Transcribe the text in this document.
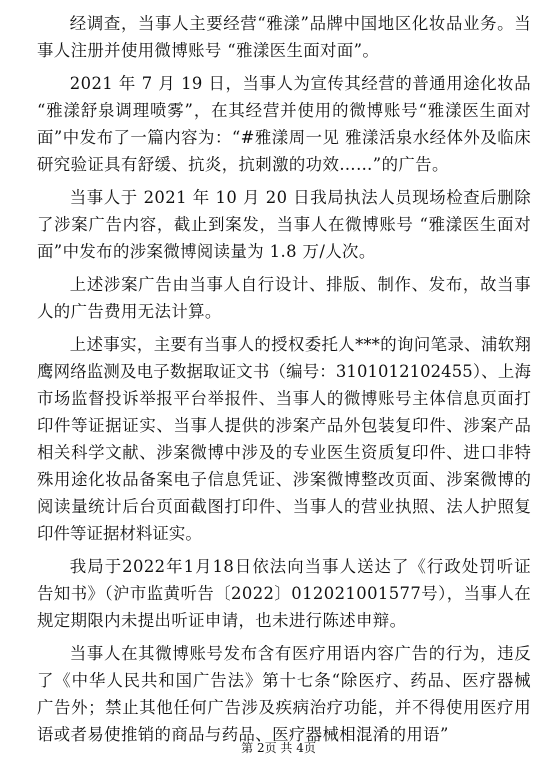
经调查，当事人主要经营“雅漾”品牌中国地区化妆品业务。当事人注册并使用微博账号 “雅漾医生面对面”。

2021 年 7 月 19 日，当事人为宣传其经营的普通用途化妆品 “雅漾舒泉调理喷雾”，在其经营并使用的微博账号“雅漾医生面对面”中发布了一篇内容为：“#雅漾周一见 雅漾活泉水经体外及临床研究验证具有舒缓、抗炎，抗刺激的功效……”的广告。

当事人于 2021 年 10 月 20 日我局执法人员现场检查后删除了涉案广告内容，截止到案发，当事人在微博账号 “雅漾医生面对面”中发布的涉案微博阅读量为 1.8 万/人次。

上述涉案广告由当事人自行设计、排版、制作、发布，故当事人的广告费用无法计算。

上述事实，主要有当事人的授权委托人***的询问笔录、浦软翔鹰网络监测及电子数据取证文书（编号：3101012102455）、上海市场监督投诉举报平台举报件、当事人的微博账号主体信息页面打印件等证据证实、当事人提供的涉案产品外包装复印件、涉案产品相关科学文献、涉案微博中涉及的专业医生资质复印件、进口非特殊用途化妆品备案电子信息凭证、涉案微博整改页面、涉案微博的阅读量统计后台页面截图打印件、当事人的营业执照、法人护照复印件等证据材料证实。

我局于2022年1月18日依法向当事人送达了《行政处罚听证告知书》（沪市监黄听告〔2022〕012021001577号），当事人在规定期限内未提出听证申请，也未进行陈述申辩。

当事人在其微博账号发布含有医疗用语内容广告的行为，违反了《中华人民共和国广告法》第十七条“除医疗、药品、医疗器械广告外；禁止其他任何广告涉及疾病治疗功能，并不得使用医疗用语或者易使推销的商品与药品、医疗器械相混淆的用语”

第 2页 共 4页
